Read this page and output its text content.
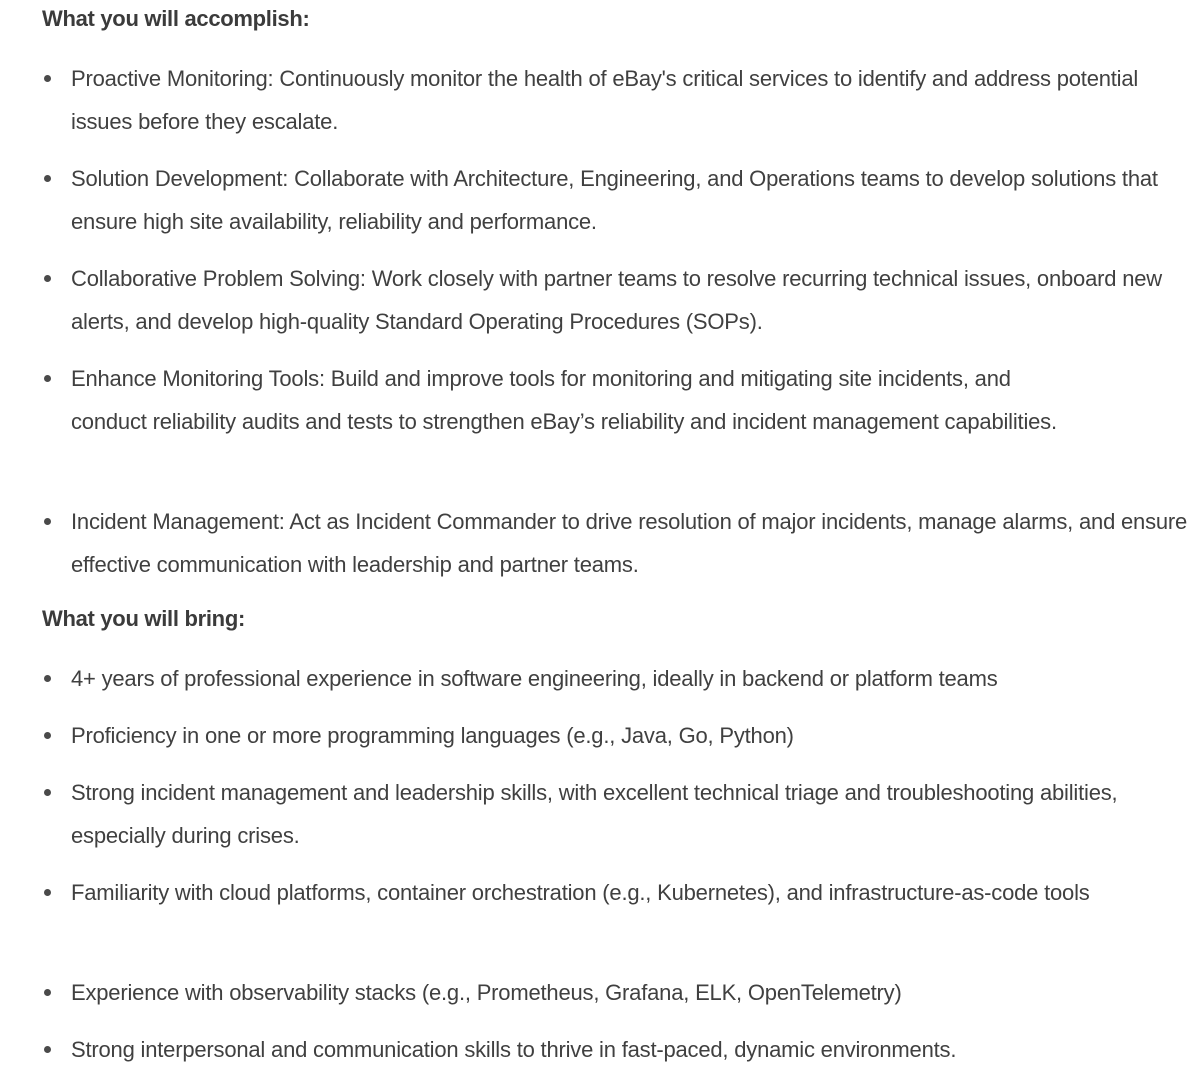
What you will accomplish:

Proactive Monitoring: Continuously monitor the health of eBay's critical services to identify and address potential issues before they escalate.

Solution Development: Collaborate with Architecture, Engineering, and Operations teams to develop solutions that ensure high site availability, reliability and performance.

Collaborative Problem Solving: Work closely with partner teams to resolve recurring technical issues, onboard new alerts, and develop high-quality Standard Operating Procedures (SOPs).

Enhance Monitoring Tools: Build and improve tools for monitoring and mitigating site incidents, and conduct reliability audits and tests to strengthen eBay’s reliability and incident management capabilities.

Incident Management: Act as Incident Commander to drive resolution of major incidents, manage alarms, and ensure effective communication with leadership and partner teams.

What you will bring:

4+ years of professional experience in software engineering, ideally in backend or platform teams

Proficiency in one or more programming languages (e.g., Java, Go, Python)

Strong incident management and leadership skills, with excellent technical triage and troubleshooting abilities, especially during crises.

Familiarity with cloud platforms, container orchestration (e.g., Kubernetes), and infrastructure-as-code tools

Experience with observability stacks (e.g., Prometheus, Grafana, ELK, OpenTelemetry)

Strong interpersonal and communication skills to thrive in fast-paced, dynamic environments.
